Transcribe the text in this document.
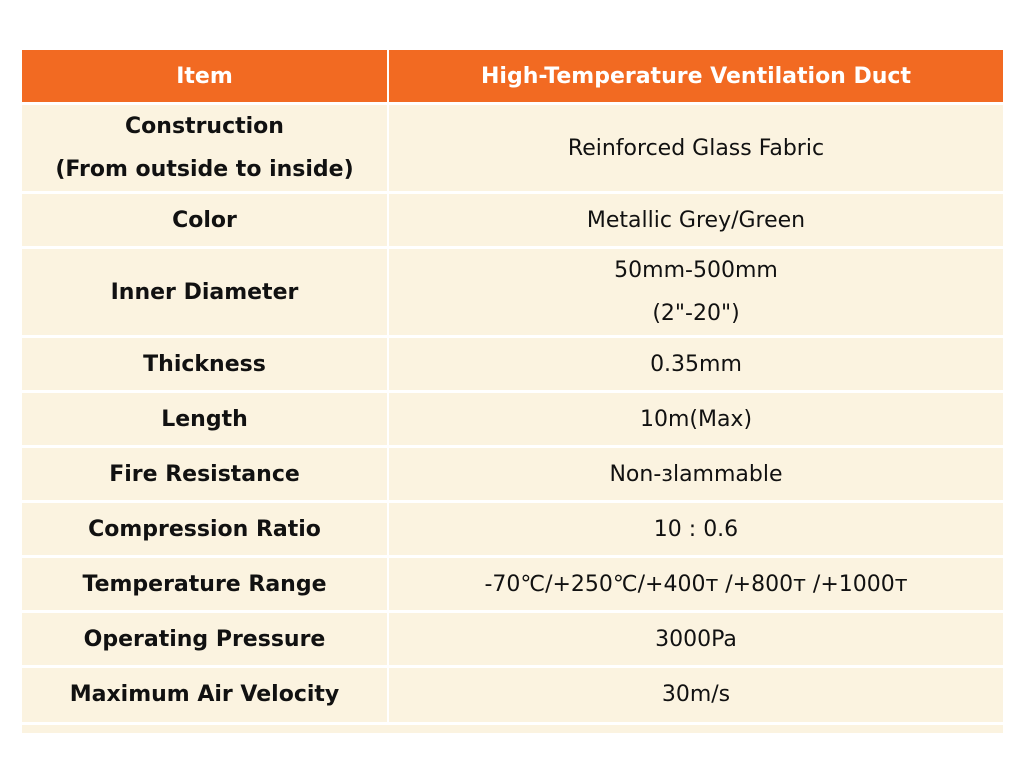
Item	High-Temperature Ventilation Duct

Construction
(From outside to inside)	Reinforced Glass Fabric

Color	Metallic Grey/Green

Inner Diameter	50mm-500mm
(2"-20")

Thickness	0.35mm

Length	10m(Max)

Fire Resistance	Non-зlammable

Compression Ratio	10 : 0.6

Temperature Range	-70℃/+250℃/+400ᴛ /+800ᴛ /+1000ᴛ

Operating Pressure	3000Pa

Maximum Air Velocity	30m/s
